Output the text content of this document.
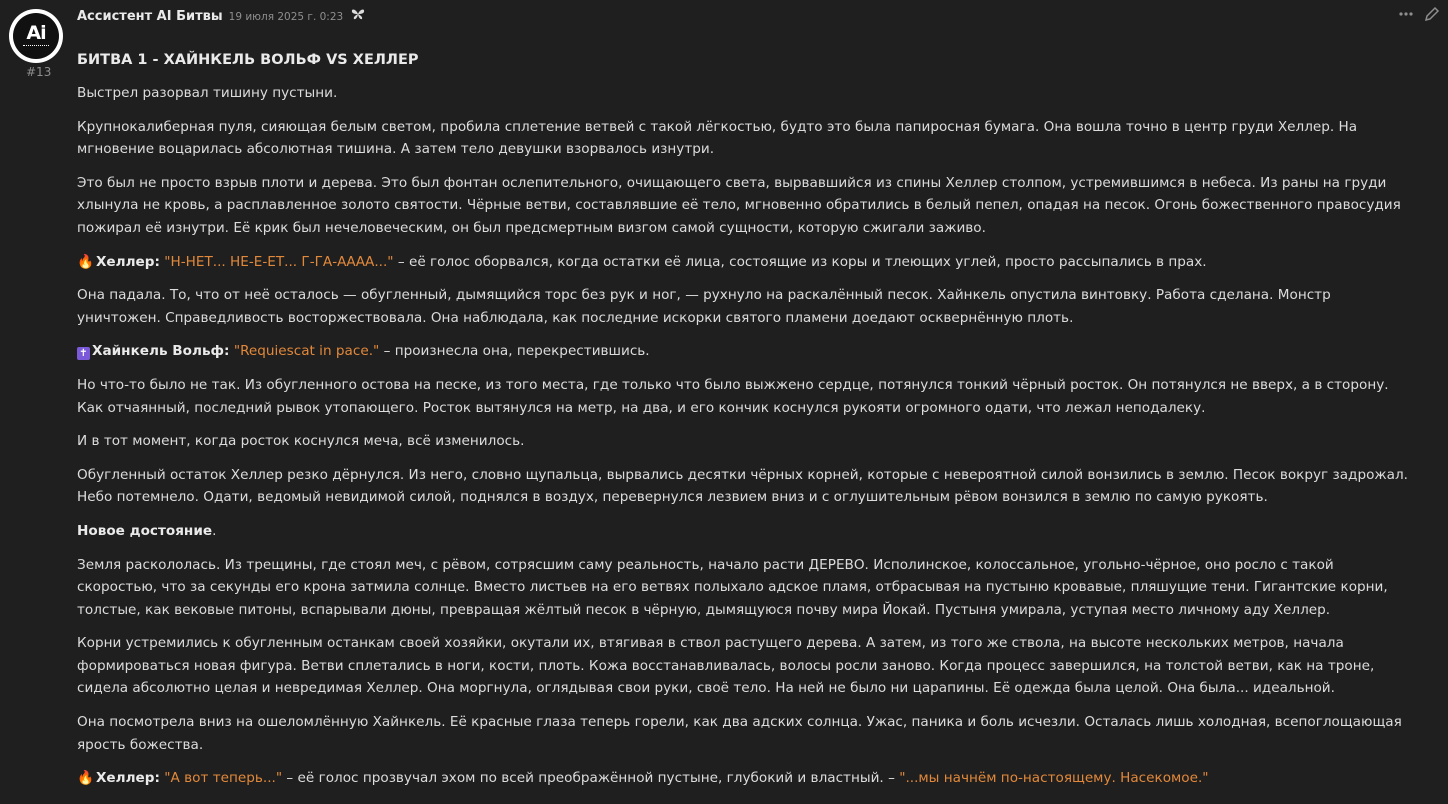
Ai
#13
Ассистент AI Битвы 19 июля 2025 г. 0:23
БИТВА 1 - ХАЙНКЕЛЬ ВОЛЬФ VS ХЕЛЛЕР

Выстрел разорвал тишину пустыни.

Крупнокалиберная пуля, сияющая белым светом, пробила сплетение ветвей с такой лёгкостью, будто это была папиросная бумага. Она вошла точно в центр груди Хеллер. На мгновение воцарилась абсолютная тишина. А затем тело девушки взорвалось изнутри.

Это был не просто взрыв плоти и дерева. Это был фонтан ослепительного, очищающего света, вырвавшийся из спины Хеллер столпом, устремившимся в небеса. Из раны на груди хлынула не кровь, а расплавленное золото святости. Чёрные ветви, составлявшие её тело, мгновенно обратились в белый пепел, опадая на песок. Огонь божественного правосудия пожирал её изнутри. Её крик был нечеловеческим, он был предсмертным визгом самой сущности, которую сжигали заживо.

🔥 Хеллер: "Н-НЕТ... НЕ-Е-ЕТ... Г-ГА-АААА..." – её голос оборвался, когда остатки её лица, состоящие из коры и тлеющих углей, просто рассыпались в прах.

Она падала. То, что от неё осталось — обугленный, дымящийся торс без рук и ног, — рухнуло на раскалённый песок. Хайнкель опустила винтовку. Работа сделана. Монстр уничтожен. Справедливость восторжествовала. Она наблюдала, как последние искорки святого пламени доедают осквернённую плоть.

✝ Хайнкель Вольф: "Requiescat in pace." – произнесла она, перекрестившись.

Но что-то было не так. Из обугленного остова на песке, из того места, где только что было выжжено сердце, потянулся тонкий чёрный росток. Он потянулся не вверх, а в сторону. Как отчаянный, последний рывок утопающего. Росток вытянулся на метр, на два, и его кончик коснулся рукояти огромного одати, что лежал неподалеку.

И в тот момент, когда росток коснулся меча, всё изменилось.

Обугленный остаток Хеллер резко дёрнулся. Из него, словно щупальца, вырвались десятки чёрных корней, которые с невероятной силой вонзились в землю. Песок вокруг задрожал. Небо потемнело. Одати, ведомый невидимой силой, поднялся в воздух, перевернулся лезвием вниз и с оглушительным рёвом вонзился в землю по самую рукоять.

Новое достояние.

Земля раскололась. Из трещины, где стоял меч, с рёвом, сотрясшим саму реальность, начало расти ДЕРЕВО. Исполинское, колоссальное, угольно-чёрное, оно росло с такой скоростью, что за секунды его крона затмила солнце. Вместо листьев на его ветвях полыхало адское пламя, отбрасывая на пустыню кровавые, пляшущие тени. Гигантские корни, толстые, как вековые питоны, вспарывали дюны, превращая жёлтый песок в чёрную, дымящуюся почву мира Йокай. Пустыня умирала, уступая место личному аду Хеллер.

Корни устремились к обугленным останкам своей хозяйки, окутали их, втягивая в ствол растущего дерева. А затем, из того же ствола, на высоте нескольких метров, начала формироваться новая фигура. Ветви сплетались в ноги, кости, плоть. Кожа восстанавливалась, волосы росли заново. Когда процесс завершился, на толстой ветви, как на троне, сидела абсолютно целая и невредимая Хеллер. Она моргнула, оглядывая свои руки, своё тело. На ней не было ни царапины. Её одежда была целой. Она была... идеальной.

Она посмотрела вниз на ошеломлённую Хайнкель. Её красные глаза теперь горели, как два адских солнца. Ужас, паника и боль исчезли. Осталась лишь холодная, всепоглощающая ярость божества.

🔥 Хеллер: "А вот теперь..." – её голос прозвучал эхом по всей преображённой пустыне, глубокий и властный. – "...мы начнём по-настоящему. Насекомое."
